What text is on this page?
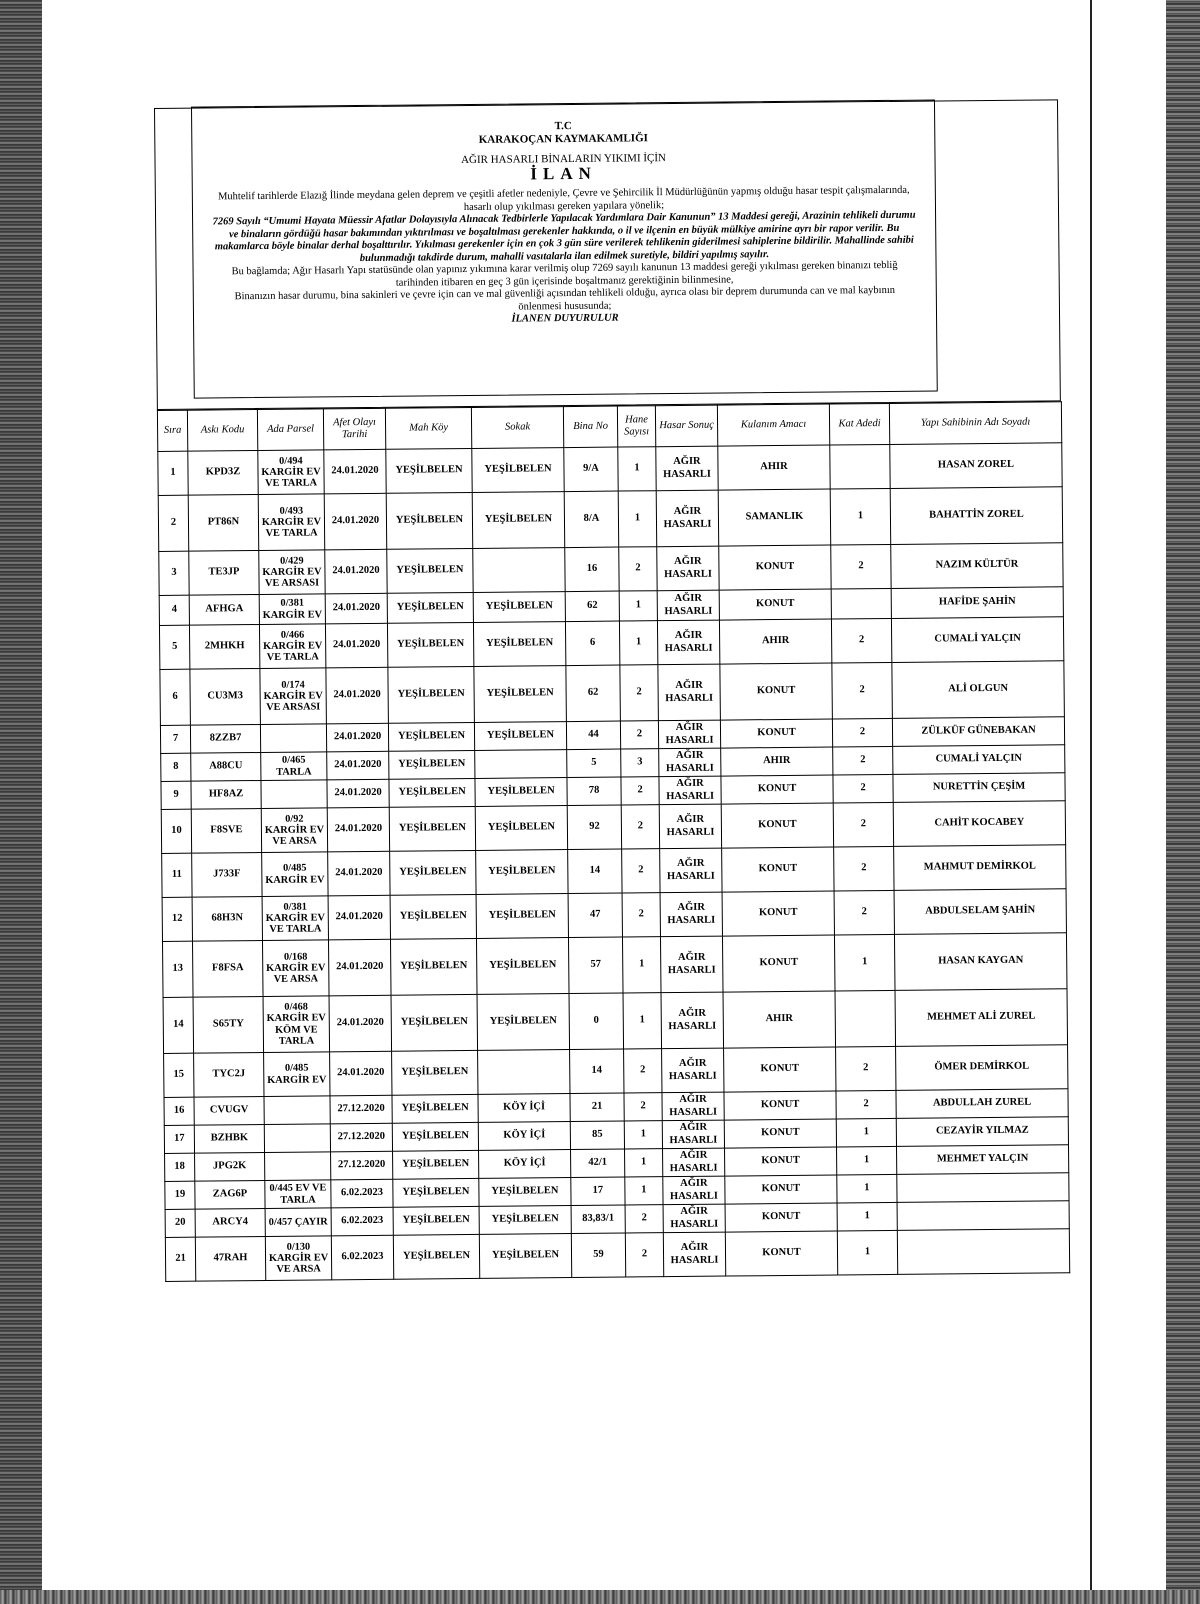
T.C
KARAKOÇAN KAYMAKAMLIĞI
AĞIR HASARLI BİNALARIN YIKIMI İÇİN
İLAN
Muhtelif tarihlerde Elazığ İlinde meydana gelen deprem ve çeşitli afetler nedeniyle, Çevre ve Şehircilik İl Müdürlüğünün yapmış olduğu hasar tespit çalışmalarında, hasarlı olup yıkılması gereken yapılara yönelik;
7269 Sayılı “Umumi Hayata Müessir Afatlar Dolayısıyla Alınacak Tedbirlerle Yapılacak Yardımlara Dair Kanunun” 13 Maddesi gereği, Arazinin tehlikeli durumu ve binaların gördüğü hasar bakımından yıktırılması ve boşaltılması gerekenler hakkında, o il ve ilçenin en büyük mülkiye amirine ayrı bir rapor verilir. Bu makamlarca böyle binalar derhal boşalttırılır. Yıkılması gerekenler için en çok 3 gün süre verilerek tehlikenin giderilmesi sahiplerine bildirilir. Mahallinde sahibi bulunmadığı takdirde durum, mahalli vasıtalarla ilan edilmek suretiyle, bildiri yapılmış sayılır.
Bu bağlamda; Ağır Hasarlı Yapı statüsünde olan yapınız yıkımına karar verilmiş olup 7269 sayılı kanunun 13 maddesi gereği yıkılması gereken binanızı tebliğ tarihinden itibaren en geç 3 gün içerisinde boşaltmanız gerektiğinin bilinmesine,
Binanızın hasar durumu, bina sakinleri ve çevre için can ve mal güvenliği açısından tehlikeli olduğu, ayrıca olası bir deprem durumunda can ve mal kaybının önlenmesi hususunda;
İLANEN DUYURULUR
Sıra	Askı Kodu	Ada Parsel	Afet Olayı Tarihi	Mah Köy	Sokak	Bina No	Hane Sayısı	Hasar Sonuç	Kulanım Amacı	Kat Adedi	Yapı Sahibinin Adı Soyadı
1	KPD3Z	0/494 KARGİR EV VE TARLA	24.01.2020	YEŞİLBELEN	YEŞİLBELEN	9/A	1	AĞIR HASARLI	AHIR		HASAN ZOREL
2	PT86N	0/493 KARGİR EV VE TARLA	24.01.2020	YEŞİLBELEN	YEŞİLBELEN	8/A	1	AĞIR HASARLI	SAMANLIK	1	BAHATTİN ZOREL
3	TE3JP	0/429 KARGİR EV VE ARSASI	24.01.2020	YEŞİLBELEN		16	2	AĞIR HASARLI	KONUT	2	NAZIM KÜLTÜR
4	AFHGA	0/381 KARGİR EV	24.01.2020	YEŞİLBELEN	YEŞİLBELEN	62	1	AĞIR HASARLI	KONUT		HAFİDE ŞAHİN
5	2MHKH	0/466 KARGİR EV VE TARLA	24.01.2020	YEŞİLBELEN	YEŞİLBELEN	6	1	AĞIR HASARLI	AHIR	2	CUMALİ YALÇIN
6	CU3M3	0/174 KARGİR EV VE ARSASI	24.01.2020	YEŞİLBELEN	YEŞİLBELEN	62	2	AĞIR HASARLI	KONUT	2	ALİ OLGUN
7	8ZZB7		24.01.2020	YEŞİLBELEN	YEŞİLBELEN	44	2	AĞIR HASARLI	KONUT	2	ZÜLKÜF GÜNEBAKAN
8	A88CU	0/465 TARLA	24.01.2020	YEŞİLBELEN		5	3	AĞIR HASARLI	AHIR	2	CUMALİ YALÇIN
9	HF8AZ		24.01.2020	YEŞİLBELEN	YEŞİLBELEN	78	2	AĞIR HASARLI	KONUT	2	NURETTİN ÇEŞİM
10	F8SVE	0/92 KARGİR EV VE ARSA	24.01.2020	YEŞİLBELEN	YEŞİLBELEN	92	2	AĞIR HASARLI	KONUT	2	CAHİT KOCABEY
11	J733F	0/485 KARGİR EV	24.01.2020	YEŞİLBELEN	YEŞİLBELEN	14	2	AĞIR HASARLI	KONUT	2	MAHMUT DEMİRKOL
12	68H3N	0/381 KARGİR EV VE TARLA	24.01.2020	YEŞİLBELEN	YEŞİLBELEN	47	2	AĞIR HASARLI	KONUT	2	ABDULSELAM ŞAHİN
13	F8FSA	0/168 KARGİR EV VE ARSA	24.01.2020	YEŞİLBELEN	YEŞİLBELEN	57	1	AĞIR HASARLI	KONUT	1	HASAN KAYGAN
14	S65TY	0/468 KARGİR EV KÖM VE TARLA	24.01.2020	YEŞİLBELEN	YEŞİLBELEN	0	1	AĞIR HASARLI	AHIR		MEHMET ALİ ZUREL
15	TYC2J	0/485 KARGİR EV	24.01.2020	YEŞİLBELEN		14	2	AĞIR HASARLI	KONUT	2	ÖMER DEMİRKOL
16	CVUGV		27.12.2020	YEŞİLBELEN	KÖY İÇİ	21	2	AĞIR HASARLI	KONUT	2	ABDULLAH ZUREL
17	BZHBK		27.12.2020	YEŞİLBELEN	KÖY İÇİ	85	1	AĞIR HASARLI	KONUT	1	CEZAYİR YILMAZ
18	JPG2K		27.12.2020	YEŞİLBELEN	KÖY İÇİ	42/1	1	AĞIR HASARLI	KONUT	1	MEHMET YALÇIN
19	ZAG6P	0/445 EV VE TARLA	6.02.2023	YEŞİLBELEN	YEŞİLBELEN	17	1	AĞIR HASARLI	KONUT	1	
20	ARCY4	0/457 ÇAYIR	6.02.2023	YEŞİLBELEN	YEŞİLBELEN	83,83/1	2	AĞIR HASARLI	KONUT	1	
21	47RAH	0/130 KARGİR EV VE ARSA	6.02.2023	YEŞİLBELEN	YEŞİLBELEN	59	2	AĞIR HASARLI	KONUT	1	
